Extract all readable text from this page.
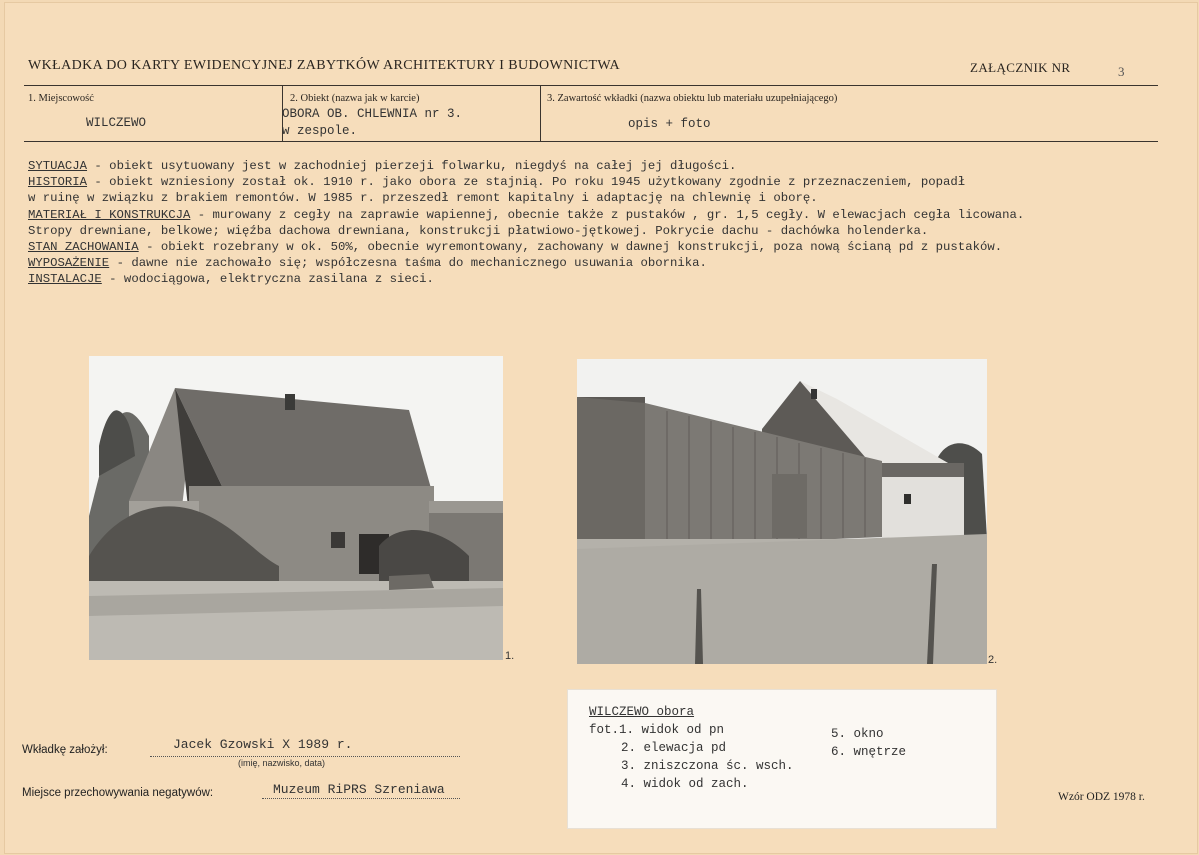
WKŁADKA DO KARTY EWIDENCYJNEJ ZABYTKÓW ARCHITEKTURY I BUDOWNICTWA	ZAŁĄCZNIK NR	3
1. Miejscowość
WILCZEWO
2. Obiekt (nazwa jak w karcie)
OBORA OB. CHLEWNIA nr 3.
w zespole.
3. Zawartość wkładki (nazwa obiektu lub materiału uzupełniającego)
opis + foto
SYTUACJA - obiekt usytuowany jest w zachodniej pierzeji folwarku, niegdyś na całej jej długości.
HISTORIA - obiekt wzniesiony został ok. 1910 r. jako obora ze stajnią. Po roku 1945 użytkowany zgodnie z przeznaczeniem, popadł
w ruinę w związku z brakiem remontów. W 1985 r. przeszedł remont kapitalny i adaptację na chlewnię i oborę.
MATERIAŁ I KONSTRUKCJA - murowany z cegły na zaprawie wapiennej, obecnie także z pustaków , gr. 1,5 cegły. W elewacjach cegła licowana.
Stropy drewniane, belkowe; więźba dachowa drewniana, konstrukcji płatwiowo-jętkowej. Pokrycie dachu - dachówka holenderka.
STAN ZACHOWANIA - obiekt rozebrany w ok. 50%, obecnie wyremontowany, zachowany w dawnej konstrukcji, poza nową ścianą pd z pustaków.
WYPOSAŻENIE - dawne nie zachowało się; współczesna taśma do mechanicznego usuwania obornika.
INSTALACJE - wodociągowa, elektryczna zasilana z sieci.
1.	2.
WILCZEWO obora
fot.1. widok od pn
2. elewacja pd
3. zniszczona śc. wsch.
4. widok od zach.
5. okno
6. wnętrze
Wkładkę założył:	Jacek Gzowski X 1989 r.
(imię, nazwisko, data)
Miejsce przechowywania negatywów:	Muzeum RiPRS Szreniawa	Wzór ODZ 1978 r.
